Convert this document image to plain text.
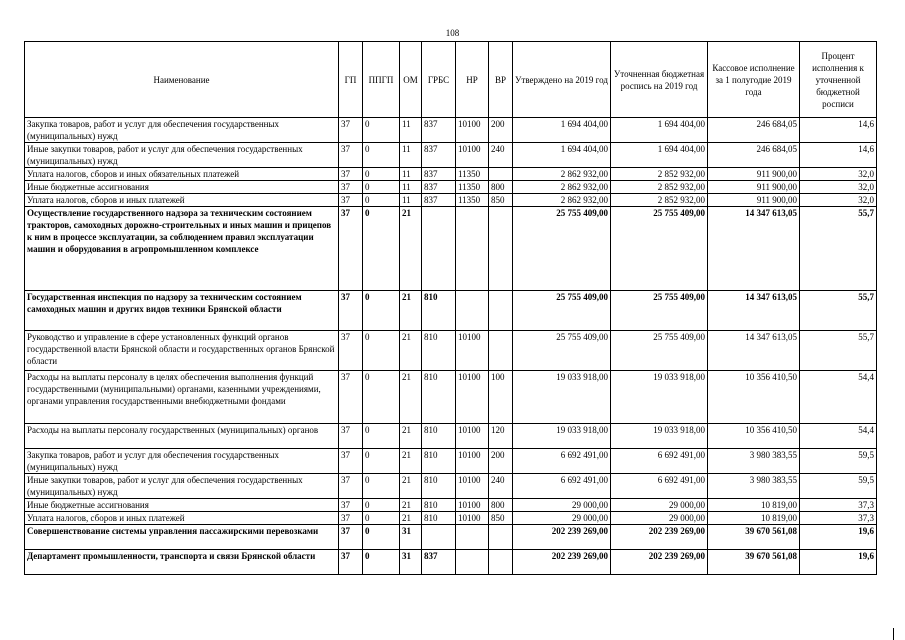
108
Наименование	ГП	ППГП	ОМ	ГРБС	НР	ВР	Утверждено на 2019 год	Уточненная бюджетная роспись на 2019 год	Кассовое исполнение за 1 полугодие 2019 года	Процент исполнения к уточненной бюджетной росписи
Закупка товаров, работ и услуг для обеспечения государственных (муниципальных) нужд	37	0	11	837	10100	200	1 694 404,00	1 694 404,00	246 684,05	14,6
Иные закупки товаров, работ и услуг для обеспечения государственных (муниципальных) нужд	37	0	11	837	10100	240	1 694 404,00	1 694 404,00	246 684,05	14,6
Уплата налогов, сборов и иных обязательных платежей	37	0	11	837	11350		2 862 932,00	2 852 932,00	911 900,00	32,0
Иные бюджетные ассигнования	37	0	11	837	11350	800	2 862 932,00	2 852 932,00	911 900,00	32,0
Уплата налогов, сборов и иных платежей	37	0	11	837	11350	850	2 862 932,00	2 852 932,00	911 900,00	32,0
Осуществление государственного надзора за техническим состоянием тракторов, самоходных дорожно-строительных и иных машин и прицепов к ним в процессе эксплуатации, за соблюдением правил эксплуатации машин и оборудования в агропромышленном комплексе	37	0	21				25 755 409,00	25 755 409,00	14 347 613,05	55,7
Государственная инспекция по надзору за техническим состоянием самоходных машин и других видов техники Брянской области	37	0	21	810			25 755 409,00	25 755 409,00	14 347 613,05	55,7
Руководство и управление в сфере установленных функций органов государственной власти Брянской области и государственных органов Брянской области	37	0	21	810	10100		25 755 409,00	25 755 409,00	14 347 613,05	55,7
Расходы на выплаты персоналу в целях обеспечения выполнения функций государственными (муниципальными) органами, казенными учреждениями, органами управления государственными внебюджетными фондами	37	0	21	810	10100	100	19 033 918,00	19 033 918,00	10 356 410,50	54,4
Расходы на выплаты персоналу государственных (муниципальных) органов	37	0	21	810	10100	120	19 033 918,00	19 033 918,00	10 356 410,50	54,4
Закупка товаров, работ и услуг для обеспечения государственных (муниципальных) нужд	37	0	21	810	10100	200	6 692 491,00	6 692 491,00	3 980 383,55	59,5
Иные закупки товаров, работ и услуг для обеспечения государственных (муниципальных) нужд	37	0	21	810	10100	240	6 692 491,00	6 692 491,00	3 980 383,55	59,5
Иные бюджетные ассигнования	37	0	21	810	10100	800	29 000,00	29 000,00	10 819,00	37,3
Уплата налогов, сборов и иных платежей	37	0	21	810	10100	850	29 000,00	29 000,00	10 819,00	37,3
Совершенствование системы управления пассажирскими перевозками	37	0	31				202 239 269,00	202 239 269,00	39 670 561,08	19,6
Департамент промышленности, транспорта и связи Брянской области	37	0	31	837			202 239 269,00	202 239 269,00	39 670 561,08	19,6
